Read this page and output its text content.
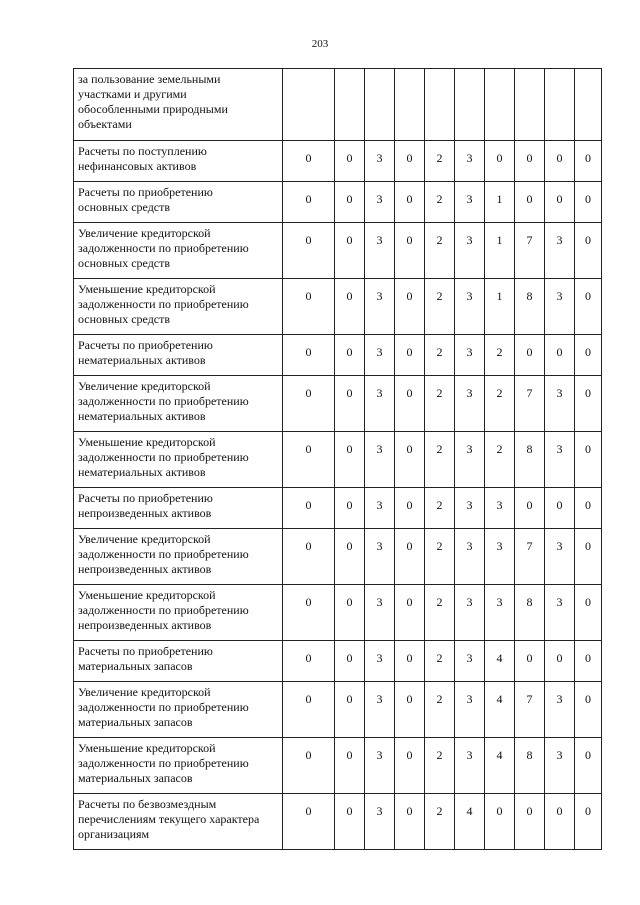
203
за пользование земельными
участками и другими
обособленными природными
объектами										

Расчеты по поступлению
нефинансовых активов	0	0	3	0	2	3	0	0	0	0

Расчеты по приобретению
основных средств	0	0	3	0	2	3	1	0	0	0

Увеличение кредиторской
задолженности по приобретению
основных средств	0	0	3	0	2	3	1	7	3	0

Уменьшение кредиторской
задолженности по приобретению
основных средств	0	0	3	0	2	3	1	8	3	0

Расчеты по приобретению
нематериальных активов	0	0	3	0	2	3	2	0	0	0

Увеличение кредиторской
задолженности по приобретению
нематериальных активов	0	0	3	0	2	3	2	7	3	0

Уменьшение кредиторской
задолженности по приобретению
нематериальных активов	0	0	3	0	2	3	2	8	3	0

Расчеты по приобретению
непроизведенных активов	0	0	3	0	2	3	3	0	0	0

Увеличение кредиторской
задолженности по приобретению
непроизведенных активов	0	0	3	0	2	3	3	7	3	0

Уменьшение кредиторской
задолженности по приобретению
непроизведенных активов	0	0	3	0	2	3	3	8	3	0

Расчеты по приобретению
материальных запасов	0	0	3	0	2	3	4	0	0	0

Увеличение кредиторской
задолженности по приобретению
материальных запасов	0	0	3	0	2	3	4	7	3	0

Уменьшение кредиторской
задолженности по приобретению
материальных запасов	0	0	3	0	2	3	4	8	3	0

Расчеты по безвозмездным
перечислениям текущего характера
организациям	0	0	3	0	2	4	0	0	0	0
